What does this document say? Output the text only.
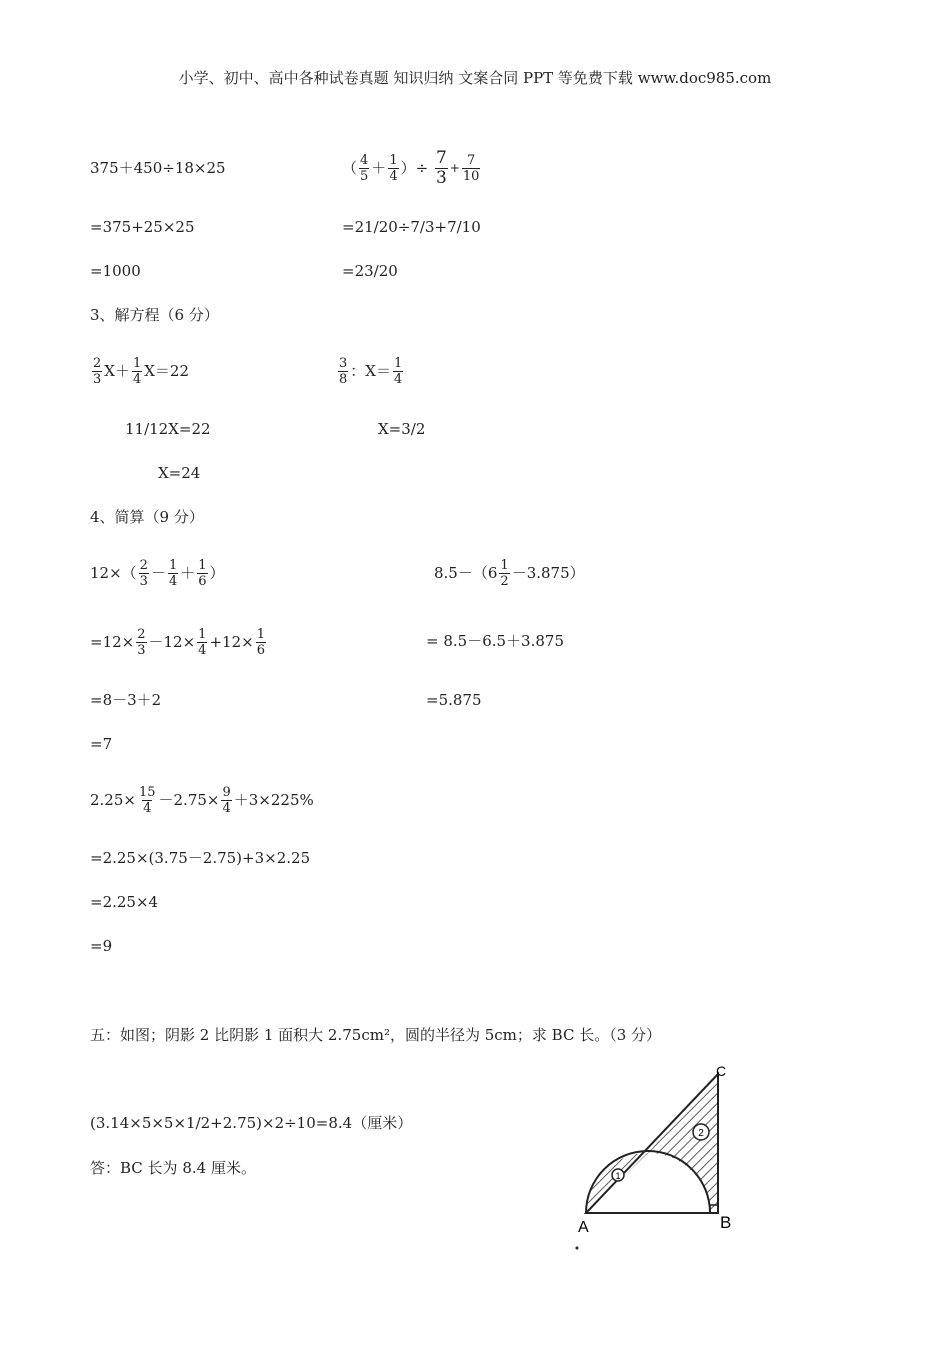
小学、初中、高中各种试卷真题 知识归纳 文案合同 PPT 等免费下载 www.doc985.com
375＋450÷18×25
=375+25×25
=1000
（ $\frac{4}{5} + \frac{1}{4}$ ）÷ $\frac{7}{3} + \frac{7}{10}$
=21/20÷7/3+7/10
=23/20
3、解方程（6 分）
$\frac{2}{3} X+ \frac{1}{4} X=22$
11/12X=22
X=24
$\frac{3}{8}$ ：$X= \frac{1}{4}$
X=3/2
4、简算（9 分）
$12\times( \frac{2}{3} - \frac{1}{4} + \frac{1}{6}$ ）
$=12\times \frac{2}{3} -12\times \frac{1}{4} +12\times \frac{1}{6}$
=8－3＋2
=7
$8.5-(6 \frac{1}{2} -3.875)$
= 8.5－6.5＋3.875
=5.875
$2.25\times \frac{15}{4} -2.75\times \frac{9}{4} +3\times 225\%$
=2.25×(3.75－2.75)+3×2.25
=2.25×4
=9
五：如图；阴影 2 比阴影 1 面积大 2.75cm²，圆的半径为 5cm；求 BC 长。（3 分）
(3.14×5×5×1/2+2.75)×2÷10=8.4（厘米）
答：BC 长为 8.4 厘米。	1
2
A	B
C
